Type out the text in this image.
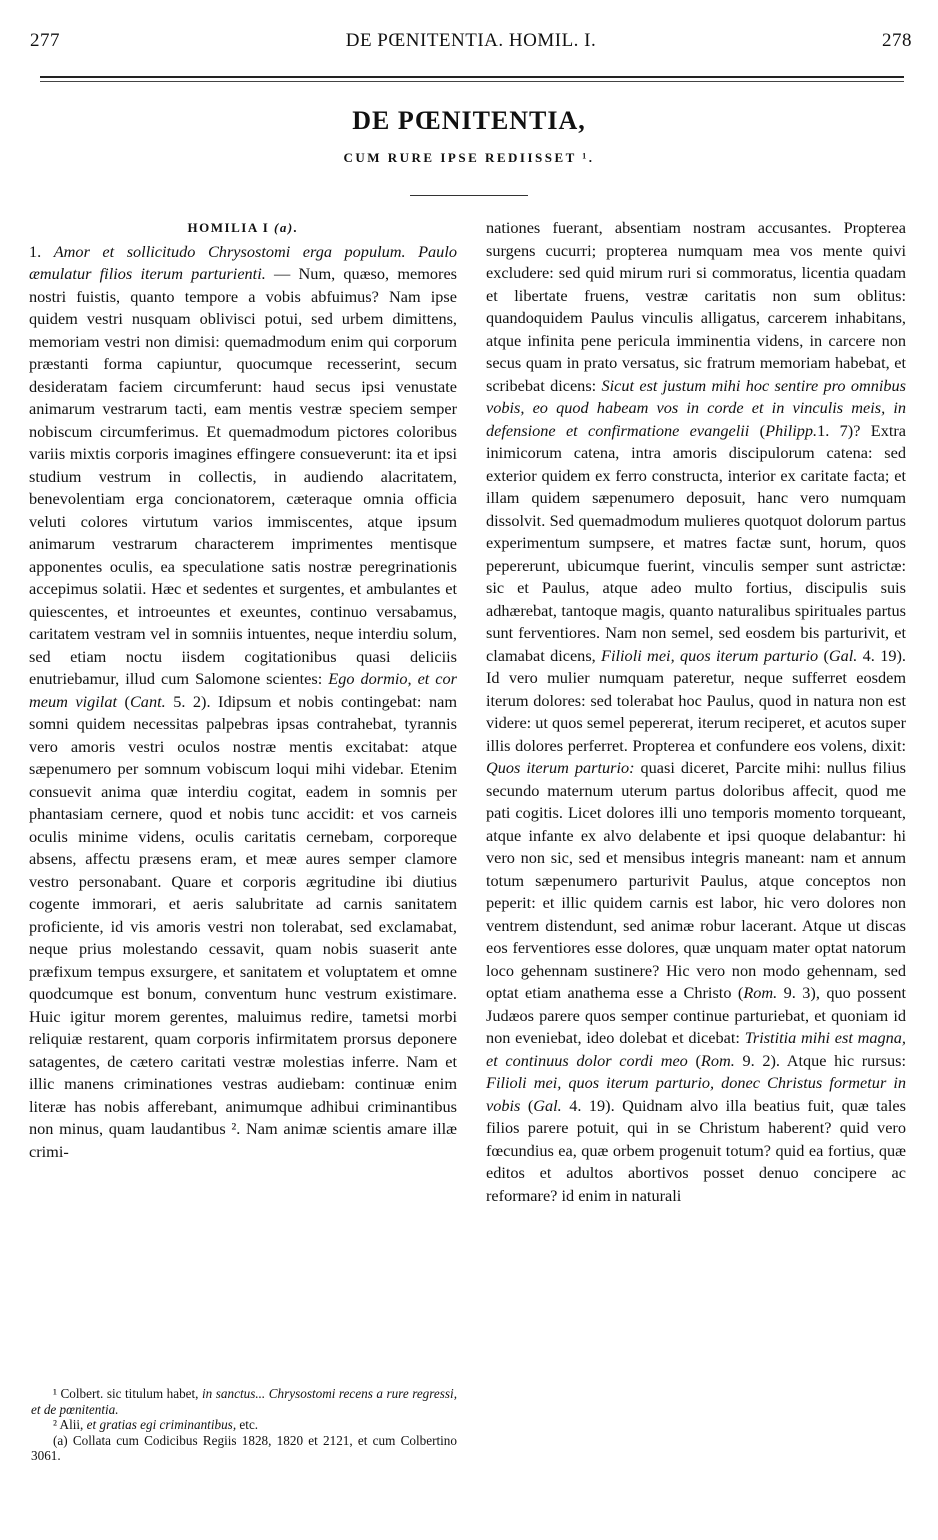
277	DE PŒNITENTIA. HOMIL. I.	278
DE PŒNITENTIA,
CUM RURE IPSE REDIISSET ¹.
HOMILIA I (a).

1. Amor et sollicitudo Chrysostomi erga populum. Paulo æmulatur filios iterum parturienti. — Num, quæso, memores nostri fuistis, quanto tempore a vobis abfuimus? Nam ipse quidem vestri nusquam oblivisci potui, sed urbem dimittens, memoriam vestri non dimisi: quemadmodum enim qui corporum præstanti forma capiuntur, quocumque recesserint, secum desideratam faciem circumferunt: haud secus ipsi venustate animarum vestrarum tacti, eam mentis vestræ speciem semper nobiscum circumferimus. Et quemadmodum pictores coloribus variis mixtis corporis imagines effingere consueverunt: ita et ipsi studium vestrum in collectis, in audiendo alacritatem, benevolentiam erga concionatorem, cæteraque omnia officia veluti colores virtutum varios immiscentes, atque ipsum animarum vestrarum characterem imprimentes mentisque apponentes oculis, ea speculatione satis nostræ peregrinationis accepimus solatii. Hæc et sedentes et surgentes, et ambulantes et quiescentes, et introeuntes et exeuntes, continuo versabamus, caritatem vestram vel in somniis intuentes, neque interdiu solum, sed etiam noctu iisdem cogitationibus quasi deliciis enutriebamur, illud cum Salomone scientes: Ego dormio, et cor meum vigilat (Cant. 5. 2). Idipsum et nobis contingebat: nam somni quidem necessitas palpebras ipsas contrahebat, tyrannis vero amoris vestri oculos nostræ mentis excitabat: atque sæpenumero per somnum vobiscum loqui mihi videbar. Etenim consuevit anima quæ interdiu cogitat, eadem in somnis per phantasiam cernere, quod et nobis tunc accidit: et vos carneis oculis minime videns, oculis caritatis cernebam, corporeque absens, affectu præsens eram, et meæ aures semper clamore vestro personabant. Quare et corporis ægritudine ibi diutius cogente immorari, et aeris salubritate ad carnis sanitatem proficiente, id vis amoris vestri non tolerabat, sed exclamabat, neque prius molestando cessavit, quam nobis suaserit ante præfixum tempus exsurgere, et sanitatem et voluptatem et omne quodcumque est bonum, conventum hunc vestrum existimare. Huic igitur morem gerentes, maluimus redire, tametsi morbi reliquiæ restarent, quam corporis infirmitatem prorsus deponere satagentes, de cætero caritati vestræ molestias inferre. Nam et illic manens criminationes vestras audiebam: continuæ enim literæ has nobis afferebant, animumque adhibui criminantibus non minus, quam laudantibus ². Nam animæ scientis amare illæ crimi-

nationes fuerant, absentiam nostram accusantes. Propterea surgens cucurri; propterea numquam mea vos mente quivi excludere: sed quid mirum ruri si commoratus, licentia quadam et libertate fruens, vestræ caritatis non sum oblitus: quandoquidem Paulus vinculis alligatus, carcerem inhabitans, atque infinita pene pericula imminentia videns, in carcere non secus quam in prato versatus, sic fratrum memoriam habebat, et scribebat dicens: Sicut est justum mihi hoc sentire pro omnibus vobis, eo quod habeam vos in corde et in vinculis meis, in defensione et confirmatione evangelii (Philipp.1. 7)? Extra inimicorum catena, intra amoris discipulorum catena: sed exterior quidem ex ferro constructa, interior ex caritate facta; et illam quidem sæpenumero deposuit, hanc vero numquam dissolvit. Sed quemadmodum mulieres quotquot dolorum partus experimentum sumpsere, et matres factæ sunt, horum, quos pepererunt, ubicumque fuerint, vinculis semper sunt astrictæ: sic et Paulus, atque adeo multo fortius, discipulis suis adhærebat, tantoque magis, quanto naturalibus spirituales partus sunt ferventiores. Nam non semel, sed eosdem bis parturivit, et clamabat dicens, Filioli mei, quos iterum parturio (Gal. 4. 19). Id vero mulier numquam pateretur, neque sufferret eosdem iterum dolores: sed tolerabat hoc Paulus, quod in natura non est videre: ut quos semel pepererat, iterum reciperet, et acutos super illis dolores perferret. Propterea et confundere eos volens, dixit: Quos iterum parturio: quasi diceret, Parcite mihi: nullus filius secundo maternum uterum partus doloribus affecit, quod me pati cogitis. Licet dolores illi uno temporis momento torqueant, atque infante ex alvo delabente et ipsi quoque delabantur: hi vero non sic, sed et mensibus integris maneant: nam et annum totum sæpenumero parturivit Paulus, atque conceptos non peperit: et illic quidem carnis est labor, hic vero dolores non ventrem distendunt, sed animæ robur lacerant. Atque ut discas eos ferventiores esse dolores, quæ unquam mater optat natorum loco gehennam sustinere? Hic vero non modo gehennam, sed optat etiam anathema esse a Christo (Rom. 9. 3), quo possent Judæos parere quos semper continue parturiebat, et quoniam id non eveniebat, ideo dolebat et dicebat: Tristitia mihi est magna, et continuus dolor cordi meo (Rom. 9. 2). Atque hic rursus: Filioli mei, quos iterum parturio, donec Christus formetur in vobis (Gal. 4. 19). Quidnam alvo illa beatius fuit, quæ tales filios parere potuit, qui in se Christum haberent? quid vero fœcundius ea, quæ orbem progenuit totum? quid ea fortius, quæ editos et adultos abortivos posset denuo concipere ac reformare? id enim in naturali

¹ Colbert. sic titulum habet, in sanctus... Chrysostomi recens a rure regressi, et de pœnitentia.

² Alii, et gratias egi criminantibus, etc.

(a) Collata cum Codicibus Regiis 1828, 1820 et 2121, et cum Colbertino 3061.
